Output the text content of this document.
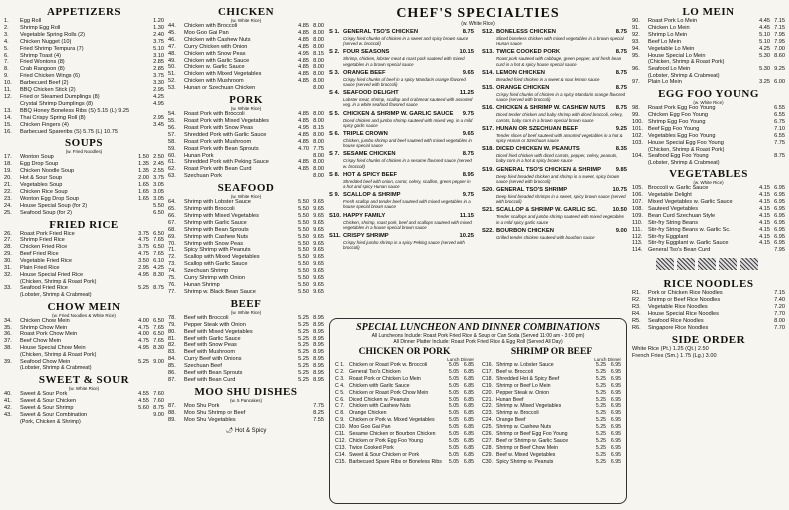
APPETIZERS
1.	Egg Roll	1.20
2.	Shrimp Egg Roll	1.30
3.	Vegetable Spring Rolls (2)	2.40
4.	Chicken Nugget (10)	3.75
5.	Fried Shrimp Tempura (7)	5.10
6.	Shrimp Toast (4)	3.10
7.	Fried Wontons (8)	2.85
8.	Crab Rangoon (8)	2.85
9.	Fried Chicken Wings (6)	3.75
10.	Barbecued Beef (2)	3.30
11.	BBQ Chicken Stick (2)	2.95
12.	Fried or Steamed Dumplings (8)	4.25
Crystal Shrimp Dumplings (8)	4.95
13.	BBQ Honey Boneless Ribs (S) 5.15 (L) 9.25
14.	Thai Crispy Spring Roll (8)	2.95
15.	Chicken Fingers (4)	3.45
16.	Barbecued Spareribs (S) 5.75 (L) 10.75
SOUPS
(w. Fried Noodles)
17.	Wonton Soup	1.50 2.50
18.	Egg Drop Soup	1.35 2.45
19.	Chicken Noodle Soup	1.35 2.55
20.	Hot & Sour Soup	2.00 3.75
21.	Vegetables Soup	1.65 3.05
22.	Chicken Rice Soup	1.65 3.05
23.	Wonton Egg Drop Soup	1.65 3.05
24.	House Special Soup (for 2)	5.50
25.	Seafood Soup (for 2)	6.50
FRIED RICE
26.	Roast Pork Fried Rice	3.75 6.50
27.	Shrimp Fried Rice	4.75 7.65
28.	Chicken Fried Rice	3.75 6.50
29.	Beef Fried Rice	4.75 7.65
30.	Vegetable Fried Rice	3.50 6.10
31.	Plain Fried Rice	2.95 4.25
32.	House Special Fried Rice	4.95 8.30
(Chicken, Shrimp & Roast Pork)
33.	Seafood Fried Rice	5.25 8.75
(Lobster, Shrimp & Crabmeat)
CHOW MEIN
(w. Fried Noodles & White Rice)
34.	Chicken Chow Mein	4.00 6.50
35.	Shrimp Chow Mein	4.75 7.65
36.	Roast Pork Chow Mein	4.00 6.50
37.	Beef Chow Mein	4.75 7.65
38.	House Special Chow Mein	4.95 8.30
(Chicken, Shrimp & Roast Pork)
39.	Seafood Chow Mein	5.25 9.00
(Lobster, Shrimp & Crabmeat)
SWEET & SOUR
(w. White Rice)
40.	Sweet & Sour Pork	4.55 7.60
41.	Sweet & Sour Chicken	4.55 7.60
42.	Sweet & Sour Shrimp	5.60 8.75
43.	Sweet & Sour Combination	9.00
(Pork, Chicken & Shrimp)
CHICKEN
(w. White Rice)
44.	Chicken with Broccoli	4.85 8.00
45.	Moo Goo Gai Pan	4.85 8.00
46.	Chicken with Cashew Nuts	4.85 8.00
47.	Curry Chicken with Onion	4.85 8.00
48.	Chicken with Snow Peas	4.95 8.15
49.	Chicken with Garlic Sauce	4.85 8.00
50.	Chicken w. Garlic Sauce	4.85 8.00
51.	Chicken with Mixed Vegetables	4.85 8.00
52.	Chicken with Mushroom	4.85 8.00
53.	Hunan or Szechuan Chicken	8.00
PORK
(w. White Rice)
54.	Roast Pork with Broccoli	4.85 8.00
55.	Roast Pork with Mixed Vegetables	4.85 8.00
56.	Roast Pork with Snow Peas	4.95 8.15
57.	Shredded Pork with Garlic Sauce	4.85 8.00
58.	Roast Pork with Mushroom	4.85 8.00
59.	Roast Pork with Bean Sprouts	4.70 7.75
60.	Hunan Pork	8.00
61.	Shredded Pork with Peking Sauce	4.85 8.00
62.	Roast Pork with Bean Curd	4.85 8.00
63.	Szechuan Pork	8.00
SEAFOOD
(w. White Rice)
64.	Shrimp with Lobster Sauce	5.50 9.65
65.	Shrimp with Broccoli	5.50 9.65
66.	Shrimp with Mixed Vegetables	5.50 9.65
67.	Shrimp with Garlic Sauce	5.50 9.65
68.	Shrimp with Bean Sprouts	5.50 9.65
69.	Shrimp with Cashew Nuts	5.50 9.65
70.	Shrimp with Snow Peas	5.50 9.65
71.	Spicy Shrimp with Peanuts	5.50 9.65
72.	Scallop with Mixed Vegetables	5.50 9.65
73.	Scallop with Garlic Sauce	5.50 9.65
74.	Szechuan Shrimp	5.50 9.65
75.	Curry Shrimp with Onion	5.50 9.65
76.	Hunan Shrimp	5.50 9.65
77.	Shrimp w. Black Bean Sauce	5.50 9.65
BEEF
(w. White Rice)
78.	Beef with Broccoli	5.25 8.95
79.	Pepper Steak with Onion	5.25 8.95
80.	Beef with Mixed Vegetables	5.25 8.95
81.	Beef with Garlic Sauce	5.25 8.95
82.	Beef with Snow Peas	5.25 8.95
83.	Beef with Mushroom	5.25 8.95
84.	Curry Beef with Onions	5.25 8.95
85.	Szechuan Beef	5.25 8.95
86.	Beef with Bean Sprouts	5.25 8.95
87.	Beef with Bean Curd	5.25 8.95
MOO SHU DISHES
(w. 5 Pancakes)
87.	Moo Shu Pork	7.75
88.	Moo Shu Shrimp or Beef	8.25
89.	Moo Shu Vegetables	7.55
🌶 Hot & Spicy
CHEF'S SPECIALTIES
(w. White Rice)
S 1. GENERAL TSO'S CHICKEN	8.75
Crispy fried chunks of chicken in a sweet and spicy brown sauce (served w. broccoli)
S 2. FOUR SEASONS	10.15
Shrimp, chicken, lobster meat & roast pork sauteed with mixed vegetables in a brown special sauce
S 3. ORANGE BEEF	9.65
Crispy fried chunks of beef in a spicy Mandarin orange flavored sauce (served with broccoli)
S 4. SEAFOOD DELIGHT	11.25
Lobster meat, shrimp, scallop and crabmeat sauteed with assorted veg. in a white seafood flavored sauce
S 5. CHICKEN & SHRIMP W. GARLIC SAUCE	9.75
Diced chicken and jumbo shrimp sauteed with mixed veg. in a mild spicy garlic sauce
S 6. TRIPLE CROWN	9.65
Chicken, jumbo shrimp and beef sauteed with mixed vegetables in house special sauce
S 7. SESAME CHICKEN	8.75
Crispy fried chunks of chicken in a sesame flavored sauce (served w. broccoli)
S 8. HOT & SPICY BEEF	8.95
Shredded beef with onion, carrot, celery, scallion, green pepper in a hot and spicy Hunan sauce
S 9. SCALLOP & SHRIMP	9.75
Fresh scallop and tender beef sauteed with mixed vegetables in a house special brown sauce
S10. HAPPY FAMILY	11.15
Chicken, shrimp, roast pork, beef and scallops sauteed with mixed vegetables in a house special brown sauce
S11. CRISPY SHRIMP	10.25
Crispy fried jumbo shrimp in a spicy Peking sauce (served with broccoli)
S12. BONELESS CHICKEN	8.75
Sliced boneless chicken with mixed vegetables in a brown special Hunan sauce
S13. TWICE COOKED PORK	8.75
Roast pork sauteed with cabbage, green pepper, and fresh bean curd in a hot & spicy house special sauce
S14. LEMON CHICKEN	8.75
Breaded fried chicken in a sweet & sour lemon sauce
S15. ORANGE CHICKEN	8.75
Crispy fried chunks of chicken in a spicy Mandarin orange flavored sauce (served with broccoli)
S16. CHICKEN & SHRIMP W. CASHEW NUTS	8.75
Diced tender chicken and baby shrimp with diced broccoli, celery, carrots, baby corn in a brown special brown sauce
S17. HUNAN OR SZECHUAN BEEF	9.25
Tender slices of beef sauteed with assorted vegetables in a hot & spicy Hunan or Szechuan sauce
S18. DICED CHICKEN W. PEANUTS	8.35
Diced fried chicken with diced carrots, pepper, celery, peanuts, baby corn in a hot & spicy brown sauce
S19. GENERAL TSO'S CHICKEN & SHRIMP	9.85
Deep fried breaded chicken and shrimp in a sweet, spicy brown sauce (served with broccoli)
S20. GENERAL TSO'S SHRIMP	10.75
Deep fried breaded shrimps in a sweet, spicy brown sauce (served with broccoli)
S21. SCALLOP & SHRIMP W. GARLIC SC.	10.50
Tender scallops and jumbo shrimp sauteed with mixed vegetables in a mild spicy garlic sauce
S22. BOURBON CHICKEN	9.00
Grilled tender chicken sauteed with bourbon sauce
SPECIAL LUNCHEON AND DINNER COMBINATIONS
All Luncheons Include: Roast Pork Fried Rice & Soup or Can Soda (Served 11:00 am - 3:00 pm)
All Dinner Platter Include: Roast Pork Fried Rice & Egg Roll (Served All Day)
CHICKEN OR PORK
Lunch Dinner
C 1. Chicken or Roast Pork w. Broccoli	5.05 6.85
C 2. General Tso's Chicken	5.05 6.85
C 3. Roast Pork or Chicken Lo Mein	5.05 6.85
C 4. Chicken with Garlic Sauce	5.05 6.85
C 5. Chicken or Roast Pork Chow Mein	5.05 6.85
C 6. Diced Chicken w. Peanuts	5.05 6.85
C 7. Chicken with Cashew Nuts	5.05 6.85
C 8. Orange Chicken	5.05 6.85
C 9. Chicken or Pork w. Mixed Vegetables	5.05 6.85
C10. Moo Goo Gai Pan	5.05 6.85
C11. Sesame Chicken or Bourbon Chicken	5.05 6.85
C12. Chicken or Pork Egg Foo Young	5.05 6.85
C13. Twice Cooked Pork	5.05 6.85
C14. Sweet & Sour Chicken or Pork	5.05 6.85
C15. Barbecued Spare Ribs or Boneless Ribs	5.05 6.85
SHRIMP OR BEEF
Lunch Dinner
C16. Shrimp w. Lobster Sauce	5.25 6.95
C17. Beef w. Broccoli	5.25 6.95
C18. Shredded Hot & Spicy Beef	5.25 6.95
C19. Shrimp or Beef Lo Mein	5.25 6.95
C20. Pepper Steak w. Onion	5.25 6.95
C21. Hunan Beef	5.25 6.95
C22. Shrimp w. Mixed Vegetables	5.25 6.95
C23. Shrimp w. Broccoli	5.25 6.95
C24. Orange Beef	5.25 6.95
C25. Shrimp w. Cashew Nuts	5.25 6.95
C26. Shrimp or Beef Egg Foo Young	5.25 6.95
C27. Beef or Shrimp w. Garlic Sauce	5.25 6.95
C28. Shrimp or Beef Chow Mein	5.25 6.95
C29. Beef w. Mixed Vegetables	5.25 6.95
C30. Spicy Shrimp w. Peanuts	5.25 6.95
LO MEIN
90.	Roast Pork Lo Mein	4.45 7.15
91.	Chicken Lo Mein	4.45 7.15
92.	Shrimp Lo Mein	5.10 7.95
93.	Beef Lo Mein	5.10 7.95
94.	Vegetable Lo Mein	4.25 7.00
95.	House Special Lo Mein	5.30 8.60
(Chicken, Shrimp & Roast Pork)
96.	Seafood Lo Mein	5.30 9.25
(Lobster, Shrimp & Crabmeat)
97.	Plain Lo Mein	3.25 6.00
EGG FOO YOUNG
(w. White Rice)
98.	Roast Pork Egg Foo Young	6.55
99.	Chicken Egg Foo Young	6.55
100. Shrimp Egg Foo Young	6.75
101. Beef Egg Foo Young	7.10
102. Vegetables Egg Foo Young	6.55
103. House Special Egg Foo Young	7.75
(Chicken, Shrimp & Roast Pork)
104. Seafood Egg Foo Young	8.75
(Lobster, Shrimp & Crabmeat)
VEGETABLES
(w. White Rice)
105. Broccoli w. Garlic Sauce	4.15 6.95
106. Vegetable Delight	4.15 6.95
107. Mixed Vegetables w. Garlic Sauce	4.15 6.95
108. Sauteed Vegetables	4.15 6.95
109. Bean Curd Szechuan Style	4.15 6.95
110. Stir-fry String Beans	4.15 6.95
111.	Stir-fry String Beans w. Garlic Sc.	4.15 6.95
112. Stir-fry Eggplant	4.15 6.95
113. Stir-fry Eggplant w. Garlic Sauce	4.15 6.95
114. General Tso's Bean Curd	7.95
RICE NOODLES
R1.	Pork or Chicken Rice Noodles	7.15
R2.	Shrimp or Beef Rice Noodles	7.40
R3.	Vegetable Rice Noodles	7.20
R4.	House Special Rice Noodles	7.70
R5.	Seafood Rice Noodles	8.00
R6.	Singapore Rice Noodles	7.70
SIDE ORDER
White Rice (Pt.) 1.25 (Qt.) 2.50
French Fries (Sm.) 1.75 (Lg.) 3.00
